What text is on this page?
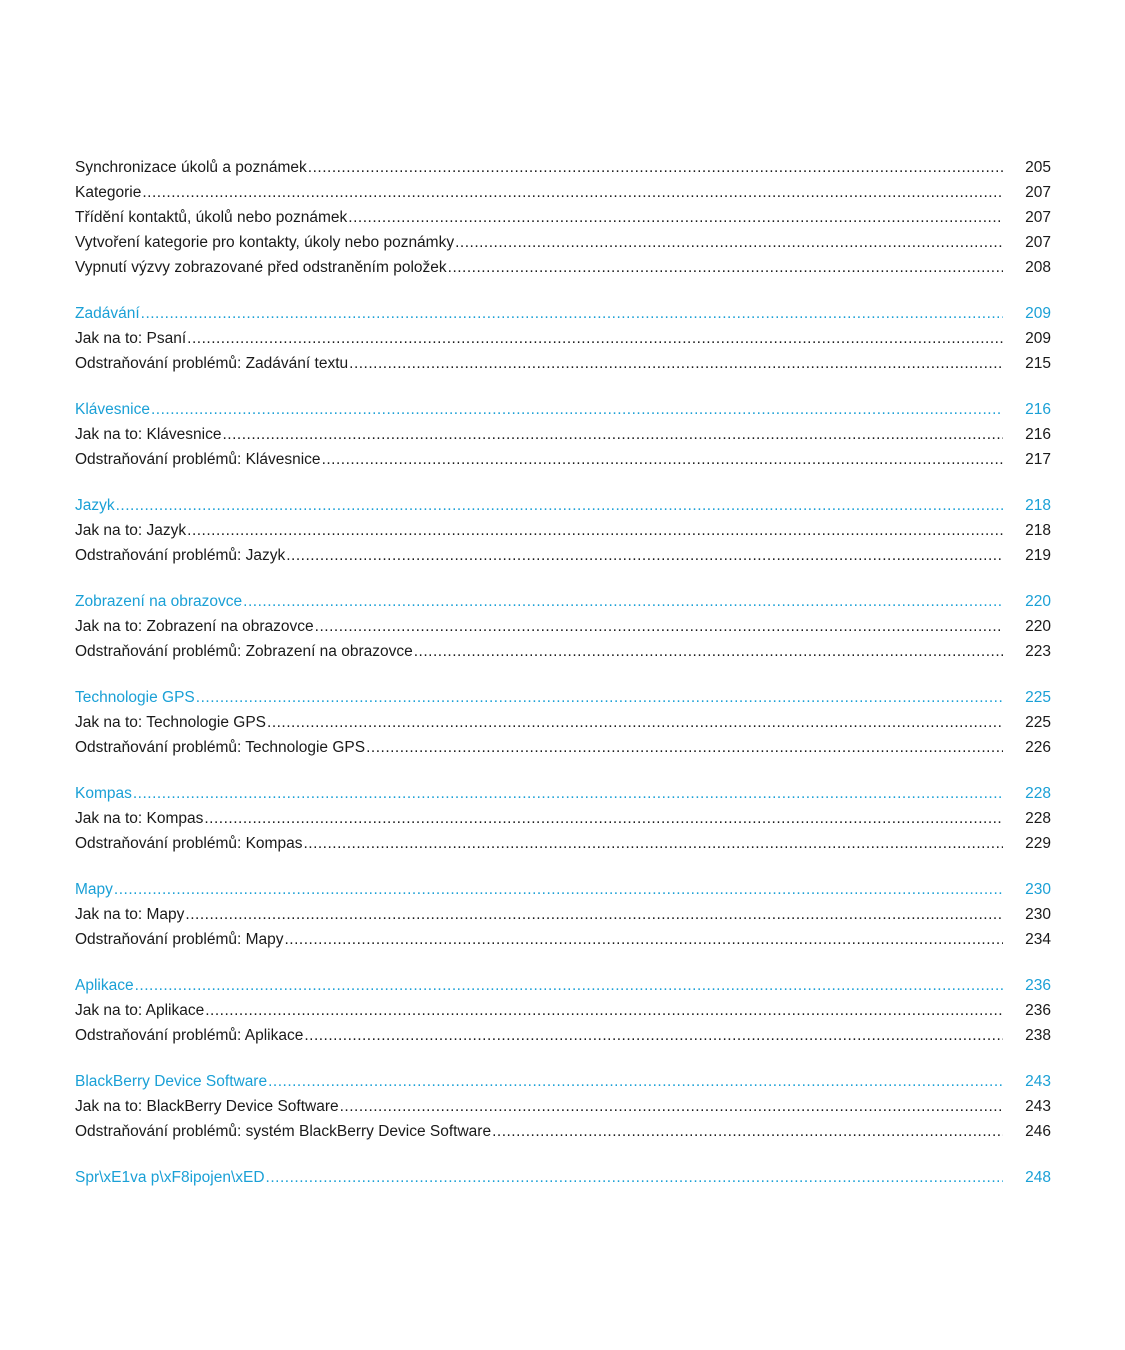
Synchronizace úkolů a poznámek .....	205
Kategorie .....	207
Třídění kontaktů, úkolů nebo poznámek .....	207
Vytvoření kategorie pro kontakty, úkoly nebo poznámky .....	207
Vypnutí výzvy zobrazované před odstraněním položek .....	208
Zadávání .....	209
Jak na to: Psaní .....	209
Odstraňování problémů: Zadávání textu .....	215
Klávesnice .....	216
Jak na to: Klávesnice .....	216
Odstraňování problémů: Klávesnice .....	217
Jazyk .....	218
Jak na to: Jazyk .....	218
Odstraňování problémů: Jazyk .....	219
Zobrazení na obrazovce .....	220
Jak na to: Zobrazení na obrazovce .....	220
Odstraňování problémů: Zobrazení na obrazovce .....	223
Technologie GPS .....	225
Jak na to: Technologie GPS .....	225
Odstraňování problémů: Technologie GPS .....	226
Kompas .....	228
Jak na to: Kompas .....	228
Odstraňování problémů: Kompas .....	229
Mapy .....	230
Jak na to: Mapy .....	230
Odstraňování problémů: Mapy .....	234
Aplikace .....	236
Jak na to: Aplikace .....	236
Odstraňování problémů: Aplikace .....	238
BlackBerry Device Software .....	243
Jak na to: BlackBerry Device Software .....	243
Odstraňování problémů: systém BlackBerry Device Software .....	246
Spr\xE1va p\xF8ipojen\xED .....	248
